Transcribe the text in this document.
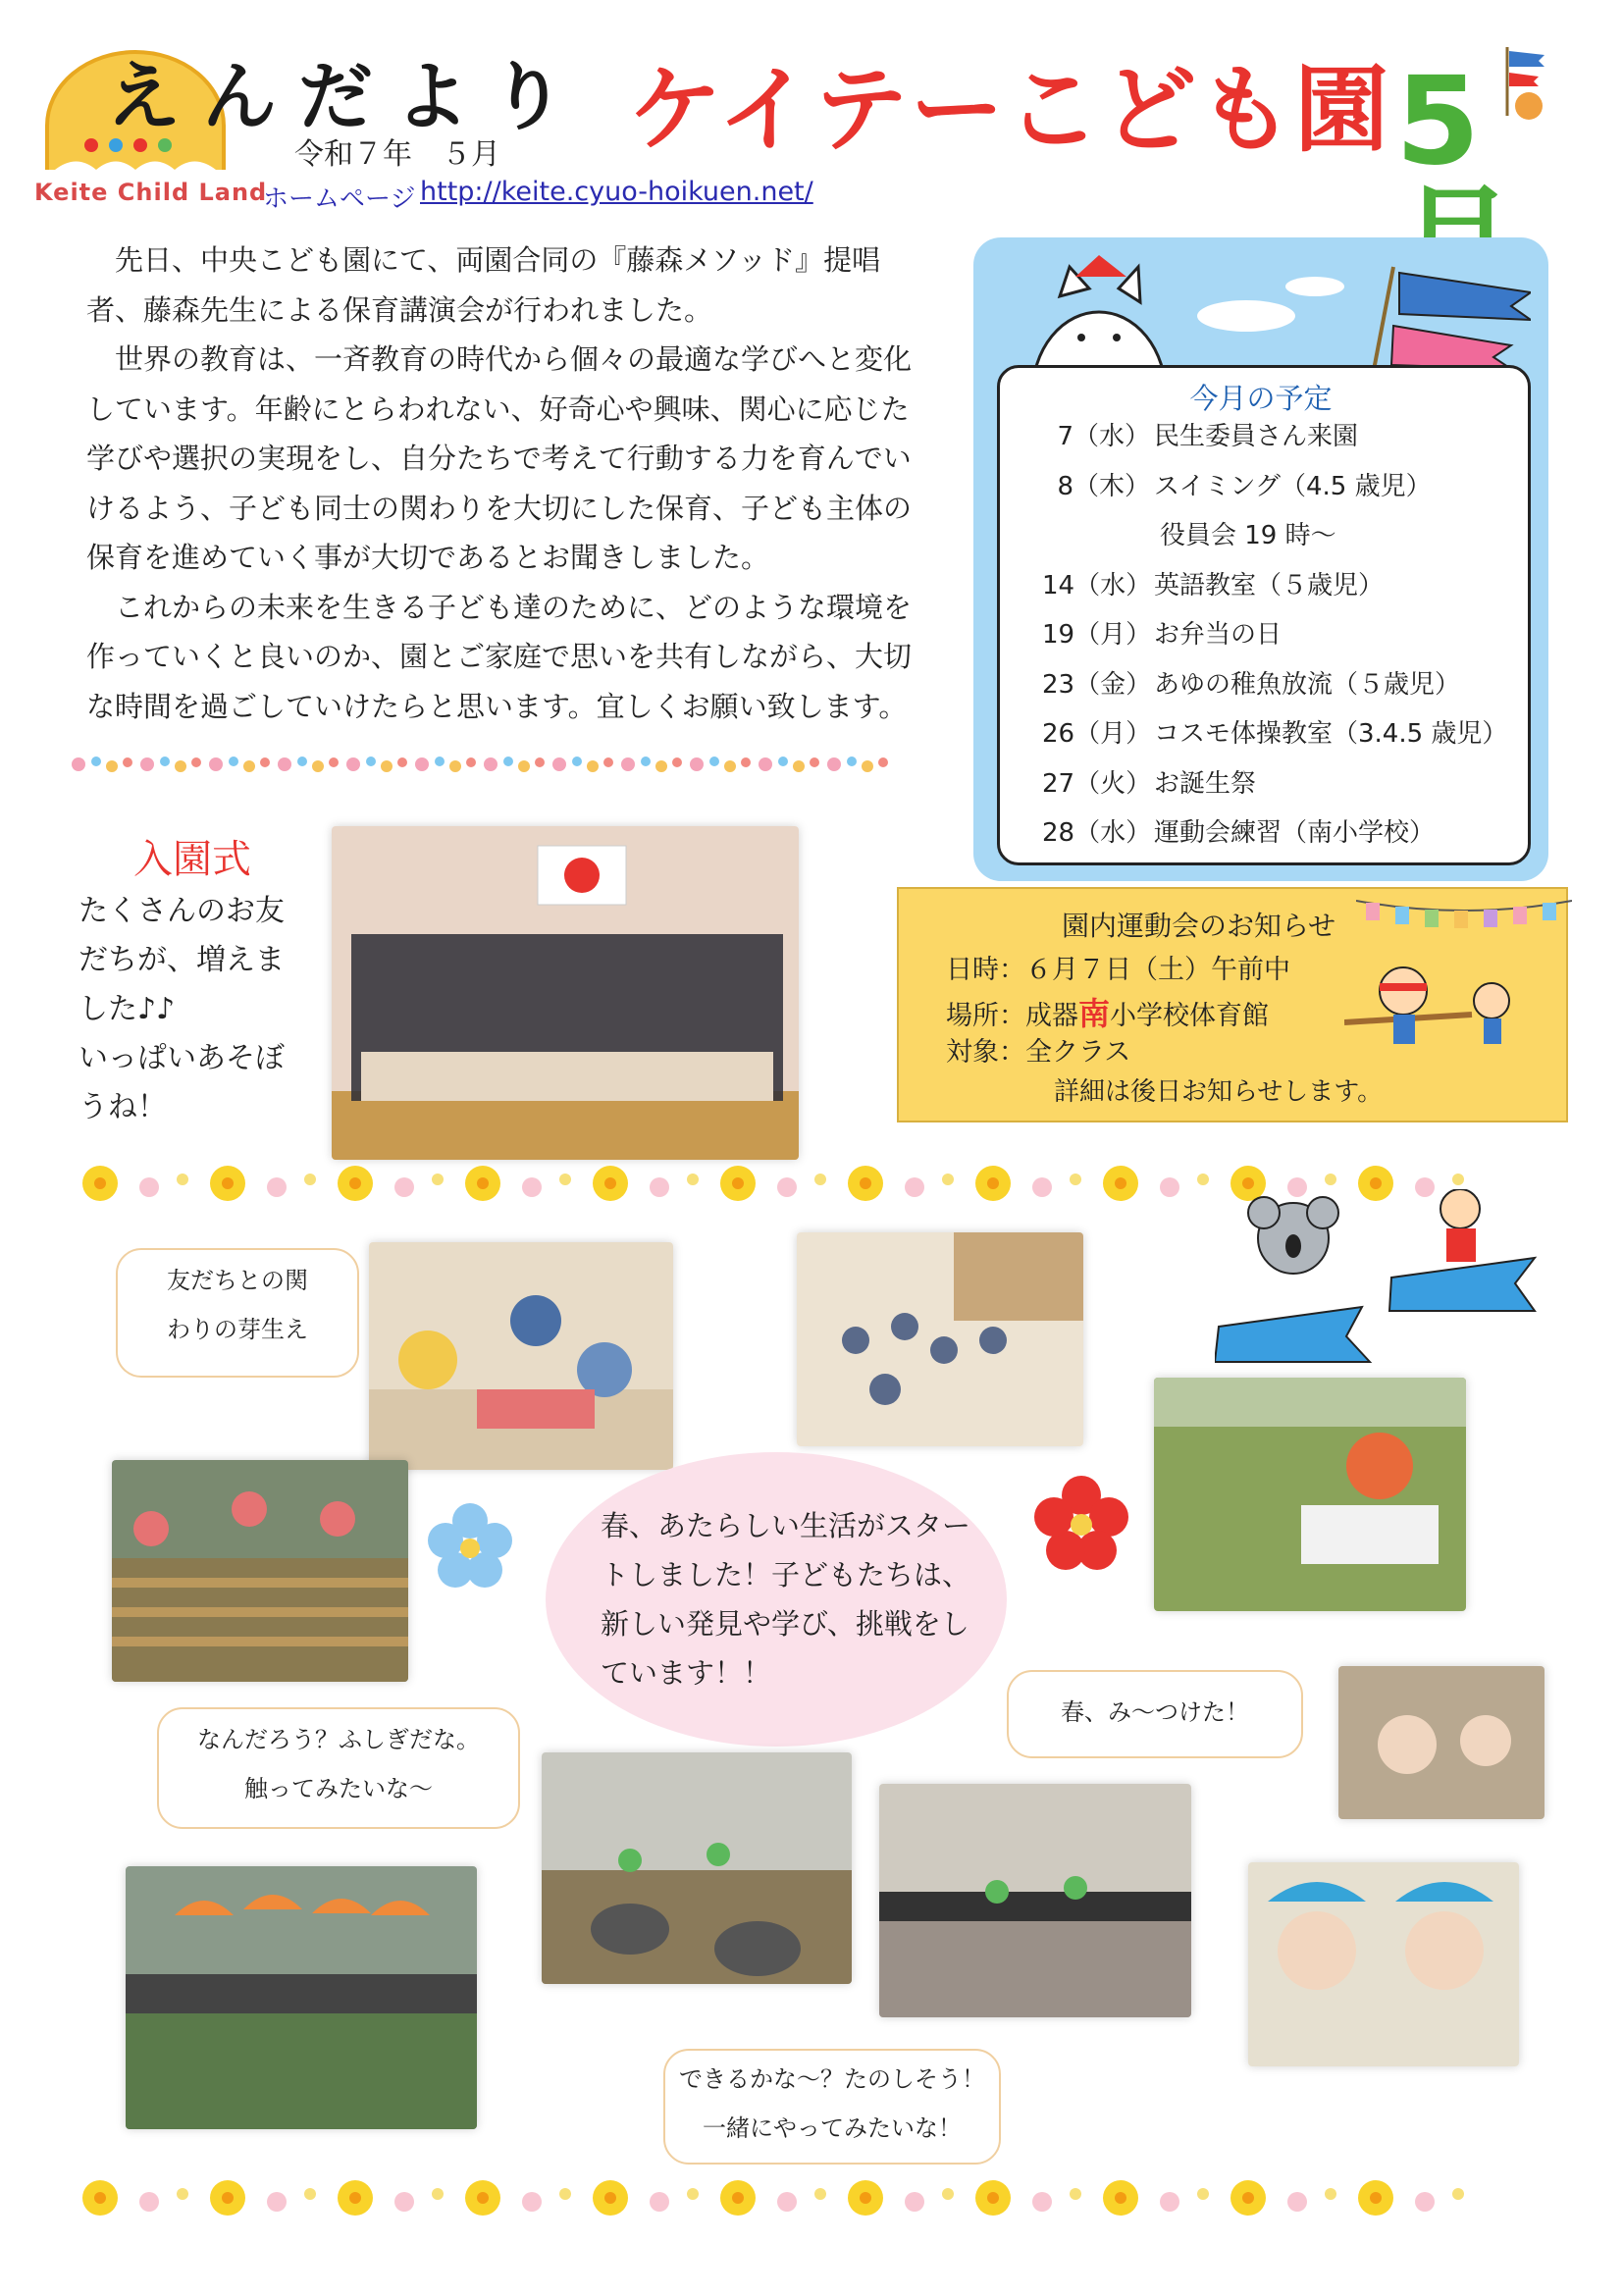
えんだより
Keite Child Land
ケイテーこども園
令和７年　５月
ホームページ http://keite.cyuo-hoikuen.net/	5

先日、中央こども園にて、両園合同の『藤森メソッド』提唱者、藤森先生による保育講演会が行われました。

世界の教育は、一斉教育の時代から個々の最適な学びへと変化しています。年齢にとらわれない、好奇心や興味、関心に応じた学びや選択の実現をし、自分たちで考えて行動する力を育んでいけるよう、子ども同士の関わりを大切にした保育、子ども主体の保育を進めていく事が大切であるとお聞きしました。

これからの未来を生きる子ども達のために、どのような環境を作っていくと良いのか、園とご家庭で思いを共有しながら、大切な時間を過ごしていけたらと思います。宜しくお願い致します。

今月の予定
7（水） 民生委員さん来園
8（木） スイミング（4.5 歳児）
役員会 19 時～
14（水） 英語教室（５歳児）
19（月） お弁当の日
23（金） あゆの稚魚放流（５歳児）
26（月） コスモ体操教室（3.4.5 歳児）
27（火） お誕生祭
28（水） 運動会練習（南小学校）
園内運動会のお知らせ
日時：６月７日（土）午前中
場所：成器南小学校体育館
対象：全クラス
詳細は後日お知らせします。
入園式
たくさんのお友
だちが、増えま
した♪♪
いっぱいあそぼ
うね！
友だちとの関
わりの芽生え
春、あたらしい生活がスター
トしました！子どもたちは、
新しい発見や学び、挑戦をし
ています！！
春、み～つけた！
なんだろう？ふしぎだな。
触ってみたいな～
できるかな～？たのしそう！
一緒にやってみたいな！
